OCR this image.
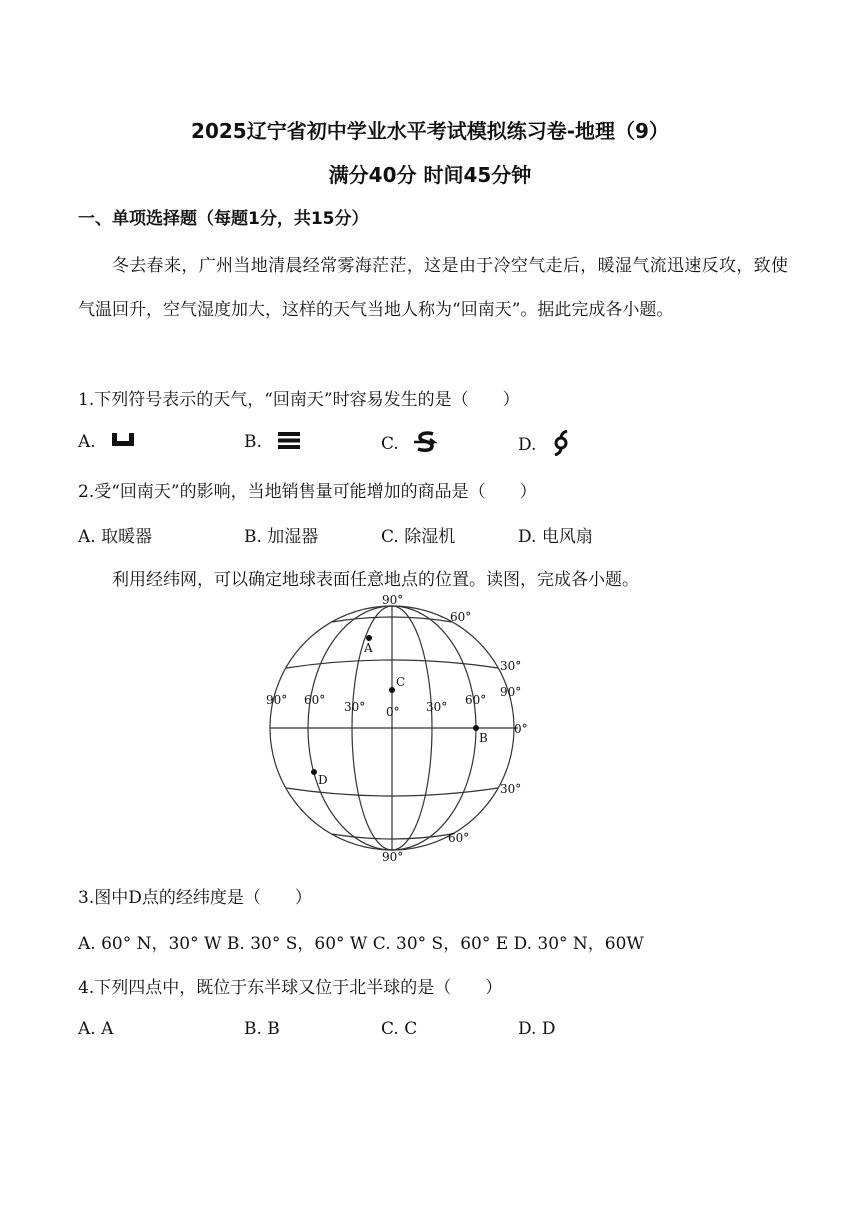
2025辽宁省初中学业水平考试模拟练习卷-地理（9）
满分40分 时间45分钟
一、单项选择题（每题1分，共15分）
冬去春来，广州当地清晨经常雾海茫茫，这是由于冷空气走后，暖湿气流迅速反攻，致使气温回升，空气湿度加大，这样的天气当地人称为“回南天”。据此完成各小题。
1.下列符号表示的天气，“回南天”时容易发生的是（　　）
A.	B.	C.	D.
2.受“回南天”的影响，当地销售量可能增加的商品是（　　）
A. 取暖器	B. 加湿器	C. 除湿机	D. 电风扇
利用经纬网，可以确定地球表面任意地点的位置。读图，完成各小题。
90°
90°
90° 60° 30° 0° 30° 60°
90°
60°
30°
0°
30°
60°
A
B
C
D
3.图中D点的经纬度是（　　）
A. 60° N，30° W B. 30° S，60° W C. 30° S，60° E D. 30° N，60W
4.下列四点中，既位于东半球又位于北半球的是（　　）
A. A	B. B	C. C	D. D
